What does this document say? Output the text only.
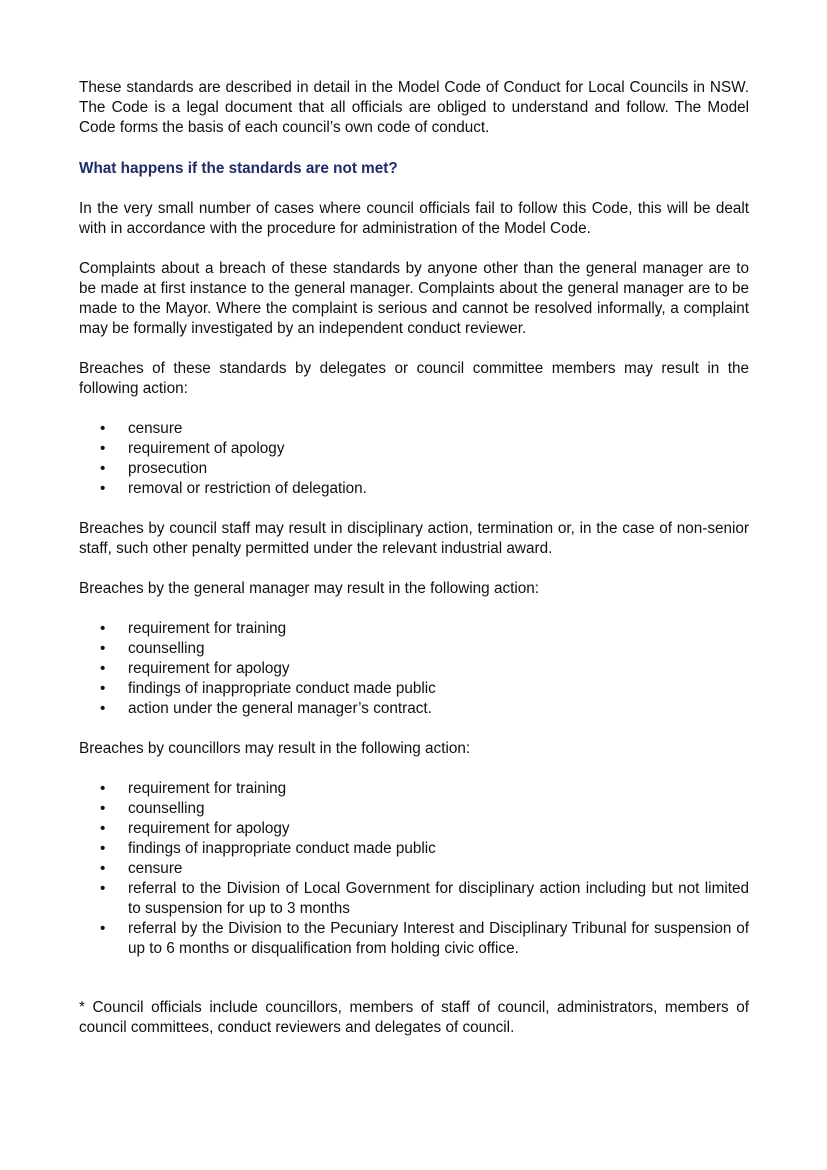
These standards are described in detail in the Model Code of Conduct for Local Councils in NSW. The Code is a legal document that all officials are obliged to understand and follow. The Model Code forms the basis of each council’s own code of conduct.

What happens if the standards are not met?

In the very small number of cases where council officials fail to follow this Code, this will be dealt with in accordance with the procedure for administration of the Model Code.

Complaints about a breach of these standards by anyone other than the general manager are to be made at first instance to the general manager. Complaints about the general manager are to be made to the Mayor. Where the complaint is serious and cannot be resolved informally, a complaint may be formally investigated by an independent conduct reviewer.

Breaches of these standards by delegates or council committee members may result in the following action:

• censure
• requirement of apology
• prosecution
• removal or restriction of delegation.

Breaches by council staff may result in disciplinary action, termination or, in the case of non-senior staff, such other penalty permitted under the relevant industrial award.

Breaches by the general manager may result in the following action:

• requirement for training
• counselling
• requirement for apology
• findings of inappropriate conduct made public
• action under the general manager’s contract.

Breaches by councillors may result in the following action:

• requirement for training
• counselling
• requirement for apology
• findings of inappropriate conduct made public
• censure
• referral to the Division of Local Government for disciplinary action including but not limited to suspension for up to 3 months
• referral by the Division to the Pecuniary Interest and Disciplinary Tribunal for suspension of up to 6 months or disqualification from holding civic office.

* Council officials include councillors, members of staff of council, administrators, members of council committees, conduct reviewers and delegates of council.
